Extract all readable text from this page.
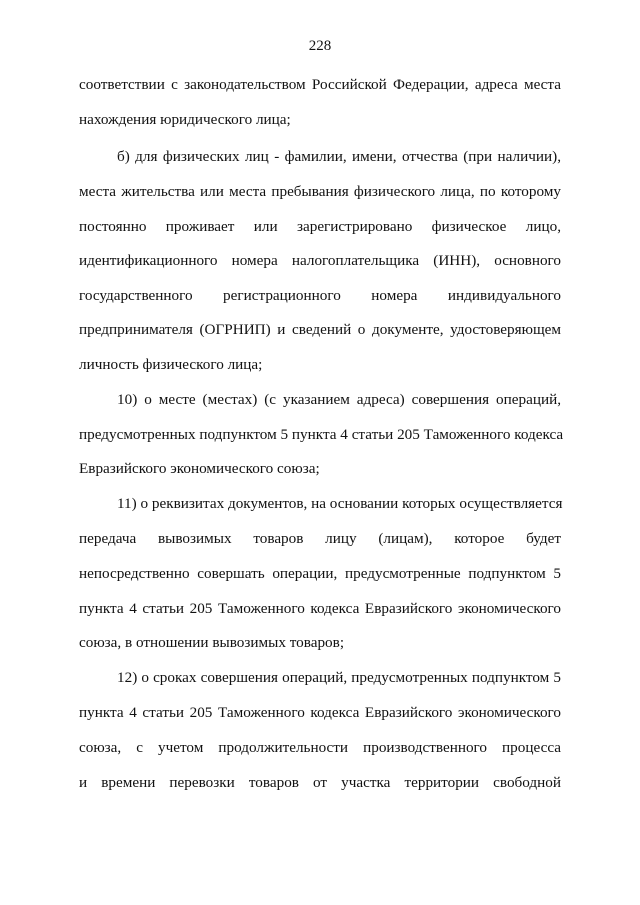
228
соответствии с законодательством Российской Федерации, адреса места
нахождения юридического лица;
б) для физических лиц - фамилии, имени, отчества (при наличии),
места жительства или места пребывания физического лица, по которому
постоянно проживает или зарегистрировано физическое лицо,
идентификационного номера налогоплательщика (ИНН), основного
государственного регистрационного номера индивидуального
предпринимателя (ОГРНИП) и сведений о документе, удостоверяющем
личность физического лица;
10) о месте (местах) (с указанием адреса) совершения операций,
предусмотренных подпунктом 5 пункта 4 статьи 205 Таможенного кодекса
Евразийского экономического союза;
11) о реквизитах документов, на основании которых осуществляется
передача вывозимых товаров лицу (лицам), которое будет
непосредственно совершать операции, предусмотренные подпунктом 5
пункта 4 статьи 205 Таможенного кодекса Евразийского экономического
союза, в отношении вывозимых товаров;
12) о сроках совершения операций, предусмотренных подпунктом 5
пункта 4 статьи 205 Таможенного кодекса Евразийского экономического
союза, с учетом продолжительности производственного процесса
и времени перевозки товаров от участка территории свободной
